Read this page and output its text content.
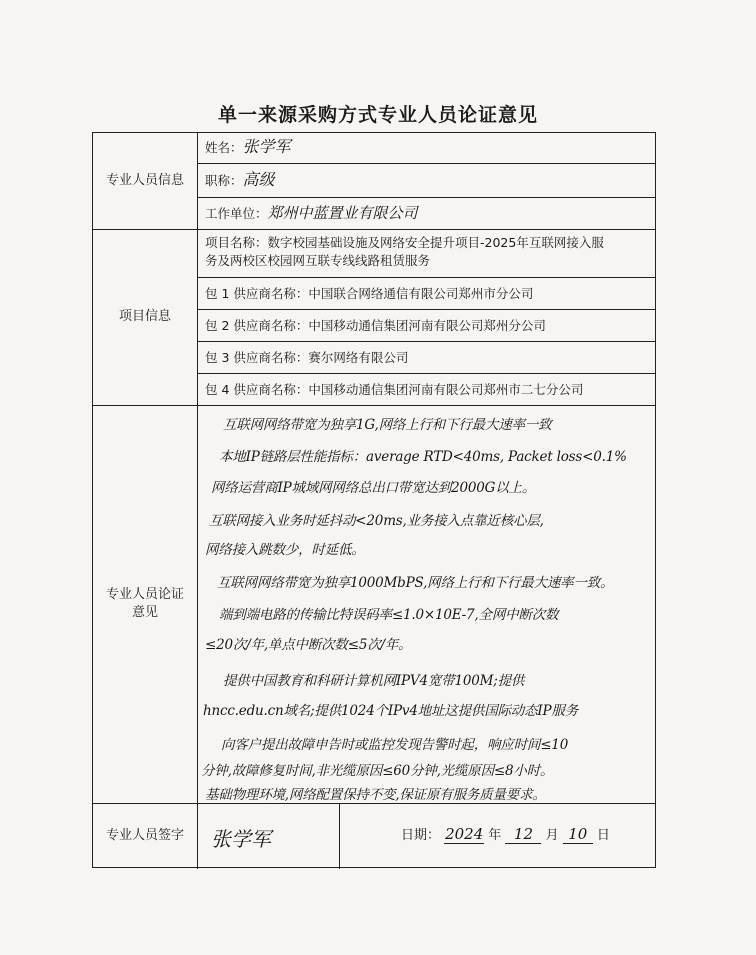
单一来源采购方式专业人员论证意见
专业人员信息
项目信息
专业人员论证
意见
专业人员签字
姓名：张学军
职称：高级
工作单位：郑州中蓝置业有限公司
项目名称：数字校园基础设施及网络安全提升项目-2025年互联网接入服
务及两校区校园网互联专线线路租赁服务
包 1 供应商名称：中国联合网络通信有限公司郑州市分公司
包 2 供应商名称：中国移动通信集团河南有限公司郑州分公司
包 3 供应商名称：赛尔网络有限公司
包 4 供应商名称：中国移动通信集团河南有限公司郑州市二七分公司
互联网网络带宽为独享1G,网络上行和下行最大速率一致
本地IP链路层性能指标：average RTD<40ms, Packet loss<0.1%
网络运营商IP城域网网络总出口带宽达到2000G以上。
互联网接入业务时延抖动<20ms,业务接入点靠近核心层,
网络接入跳数少，时延低。
互联网网络带宽为独享1000MbPS,网络上行和下行最大速率一致。
端到端电路的传输比特误码率≤1.0×10E-7,全网中断次数
≤20次/年,单点中断次数≤5次/年。
提供中国教育和科研计算机网IPV4宽带100M;提供
hncc.edu.cn域名;提供1024个IPv4地址这提供国际动态IP服务
向客户提出故障申告时或监控发现告警时起，响应时间≤10
分钟,故障修复时间,非光缆原因≤60分钟,光缆原因≤8小时。
基础物理环境,网络配置保持不变,保证原有服务质量要求。
张学军	日期： 2024 年 12 月 10 日
